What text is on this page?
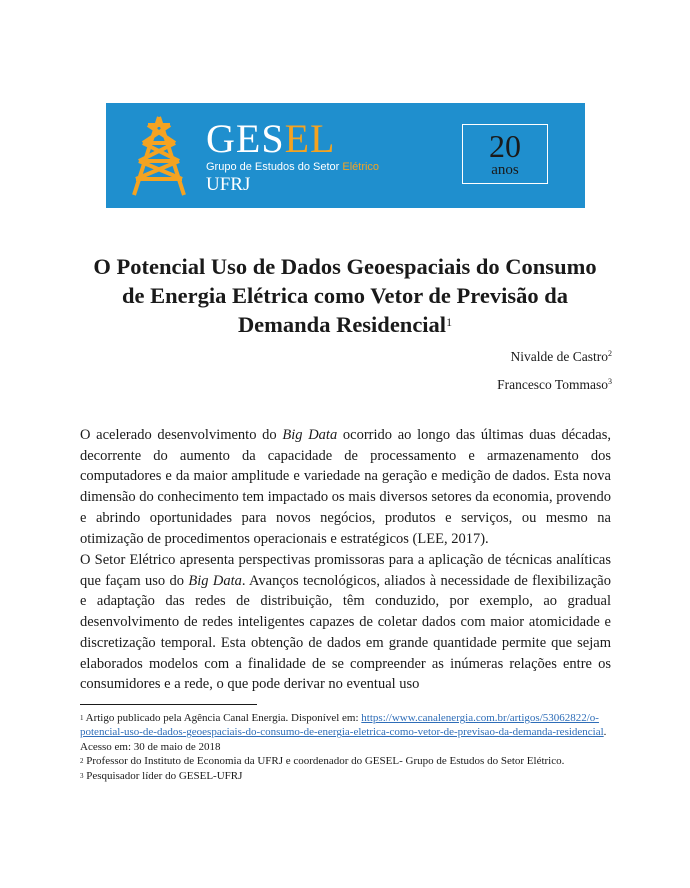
GESEL
Grupo de Estudos do Setor Elétrico
UFRJ
20
anos
O Potencial Uso de Dados Geoespaciais do Consumo de Energia Elétrica como Vetor de Previsão da Demanda Residencial$^1$
Nivalde de Castro$^2$
Francesco Tommaso$^3$

O acelerado desenvolvimento do Big Data ocorrido ao longo das últimas duas décadas, decorrente do aumento da capacidade de processamento e armazenamento dos computadores e da maior amplitude e variedade na geração e medição de dados. Esta nova dimensão do conhecimento tem impactado os mais diversos setores da economia, provendo e abrindo oportunidades para novos negócios, produtos e serviços, ou mesmo na otimização de procedimentos operacionais e estratégicos (LEE, 2017).

O Setor Elétrico apresenta perspectivas promissoras para a aplicação de técnicas analíticas que façam uso do Big Data. Avanços tecnológicos, aliados à necessidade de flexibilização e adaptação das redes de distribuição, têm conduzido, por exemplo, ao gradual desenvolvimento de redes inteligentes capazes de coletar dados com maior atomicidade e discretização temporal. Esta obtenção de dados em grande quantidade permite que sejam elaborados modelos com a finalidade de se compreender as inúmeras relações entre os consumidores e a rede, o que pode derivar no eventual uso

$^1$ Artigo publicado pela Agência Canal Energia. Disponível em: https://www.canalenergia.com.br/artigos/53062822/o-potencial-uso-de-dados-geoespaciais-do-consumo-de-energia-eletrica-como-vetor-de-previsao-da-demanda-residencial. Acesso em: 30 de maio de 2018

$^2$ Professor do Instituto de Economia da UFRJ e coordenador do GESEL- Grupo de Estudos do Setor Elétrico.

$^3$ Pesquisador líder do GESEL-UFRJ
